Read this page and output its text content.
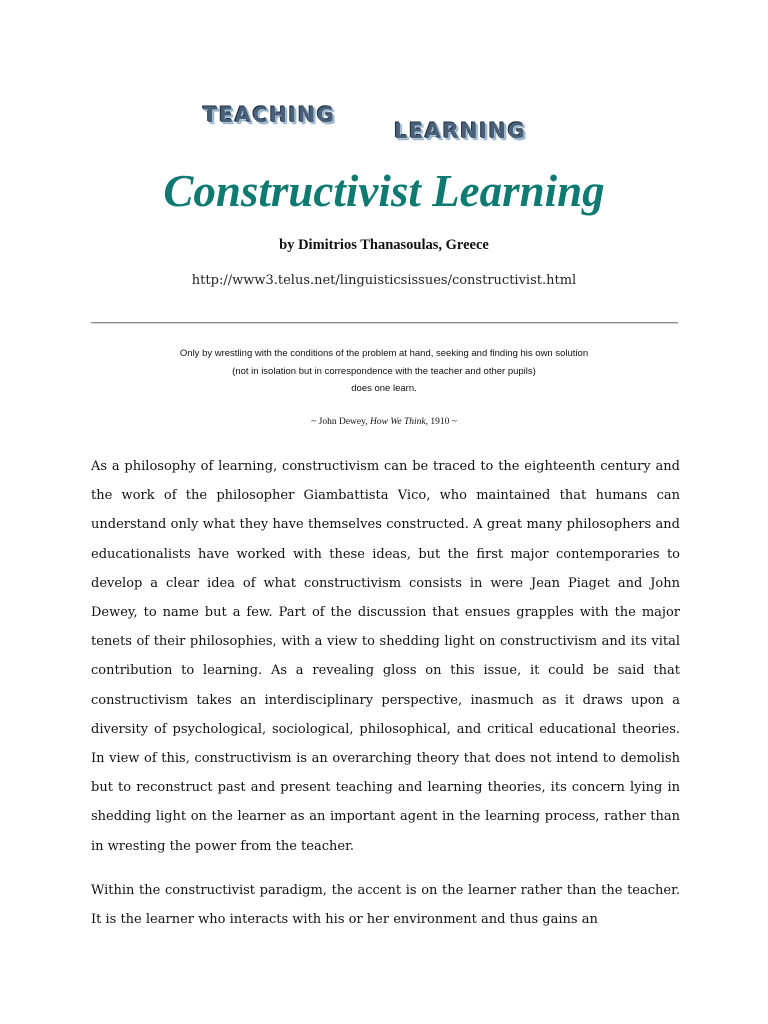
TEACHING
LEARNING
Constructivist Learning

by Dimitrios Thanasoulas, Greece

http://www3.telus.net/linguisticsissues/constructivist.html

Only by wrestling with the conditions of the problem at hand, seeking and finding his own solution
(not in isolation but in correspondence with the teacher and other pupils)
does one learn.

~ John Dewey, How We Think, 1910 ~

As a philosophy of learning, constructivism can be traced to the eighteenth century and the work of the philosopher Giambattista Vico, who maintained that humans can understand only what they have themselves constructed. A great many philosophers and educationalists have worked with these ideas, but the first major contemporaries to develop a clear idea of what constructivism consists in were Jean Piaget and John Dewey, to name but a few. Part of the discussion that ensues grapples with the major tenets of their philosophies, with a view to shedding light on constructivism and its vital contribution to learning. As a revealing gloss on this issue, it could be said that constructivism takes an interdisciplinary perspective, inasmuch as it draws upon a diversity of psychological, sociological, philosophical, and critical educational theories. In view of this, constructivism is an overarching theory that does not intend to demolish but to reconstruct past and present teaching and learning theories, its concern lying in shedding light on the learner as an important agent in the learning process, rather than in wresting the power from the teacher.

Within the constructivist paradigm, the accent is on the learner rather than the teacher. It is the learner who interacts with his or her environment and thus gains an
